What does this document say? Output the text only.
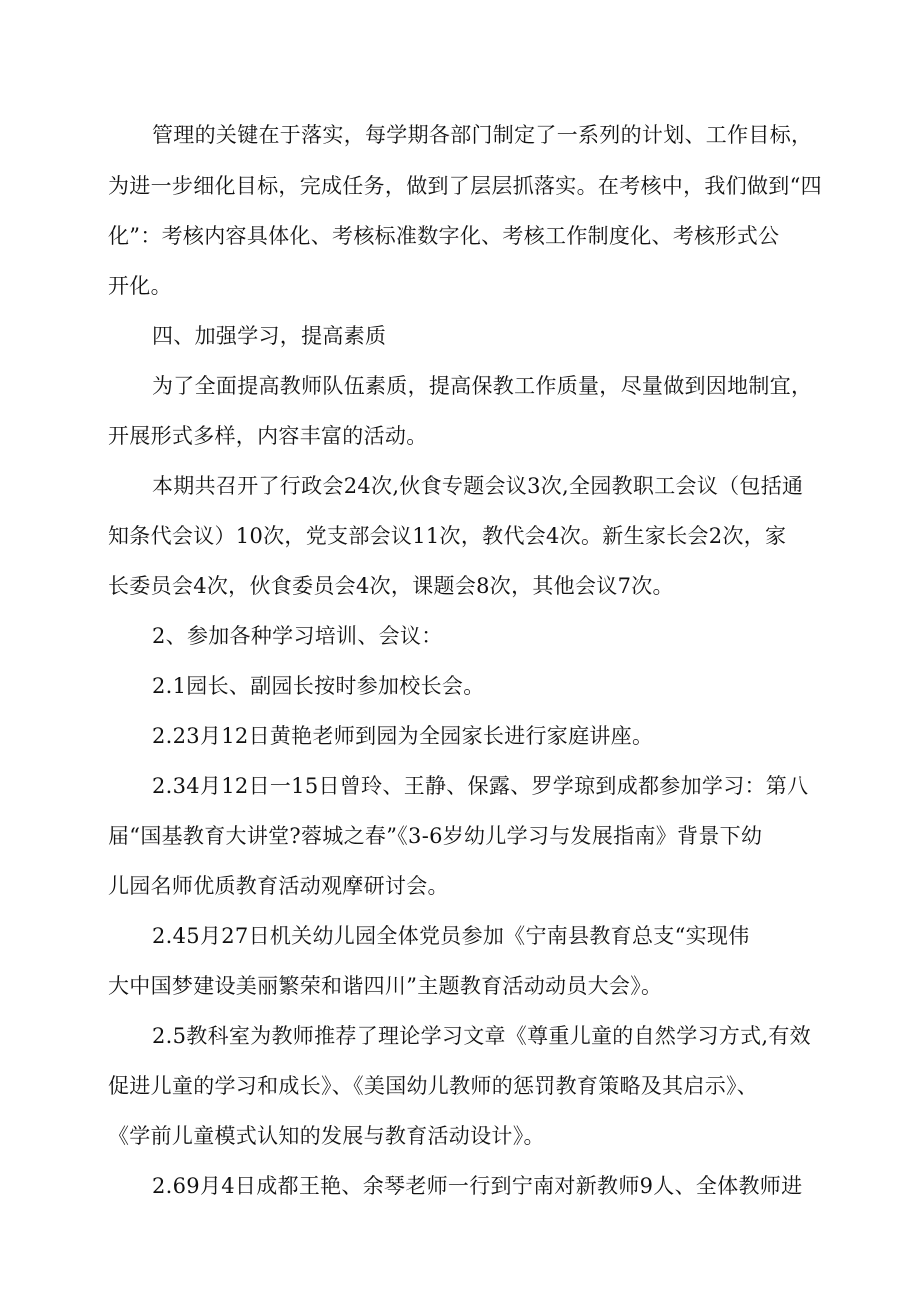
管理的关键在于落实，每学期各部门制定了一系列的计划、工作目标，
为进一步细化目标，完成任务，做到了层层抓落实。在考核中，我们做到“四
化”：考核内容具体化、考核标准数字化、考核工作制度化、考核形式公
开化。
四、加强学习，提高素质
为了全面提高教师队伍素质，提高保教工作质量，尽量做到因地制宜，
开展形式多样，内容丰富的活动。
本期共召开了行政会24次,伙食专题会议3次,全园教职工会议（包括通
知条代会议）10次，党支部会议11次，教代会4次。新生家长会2次，家
长委员会4次，伙食委员会4次，课题会8次，其他会议7次。
2、参加各种学习培训、会议：
2.1园长、副园长按时参加校长会。
2.23月12日黄艳老师到园为全园家长进行家庭讲座。
2.34月12日一15日曾玲、王静、保露、罗学琼到成都参加学习：第八
届“国基教育大讲堂?蓉城之春”《3-6岁幼儿学习与发展指南》背景下幼
儿园名师优质教育活动观摩研讨会。
2.45月27日机关幼儿园全体党员参加《宁南县教育总支“实现伟
大中国梦建设美丽繁荣和谐四川”主题教育活动动员大会》。
2.5教科室为教师推荐了理论学习文章《尊重儿童的自然学习方式,有效
促进儿童的学习和成长》、《美国幼儿教师的惩罚教育策略及其启示》、
《学前儿童模式认知的发展与教育活动设计》。
2.69月4日成都王艳、余琴老师一行到宁南对新教师9人、全体教师进
